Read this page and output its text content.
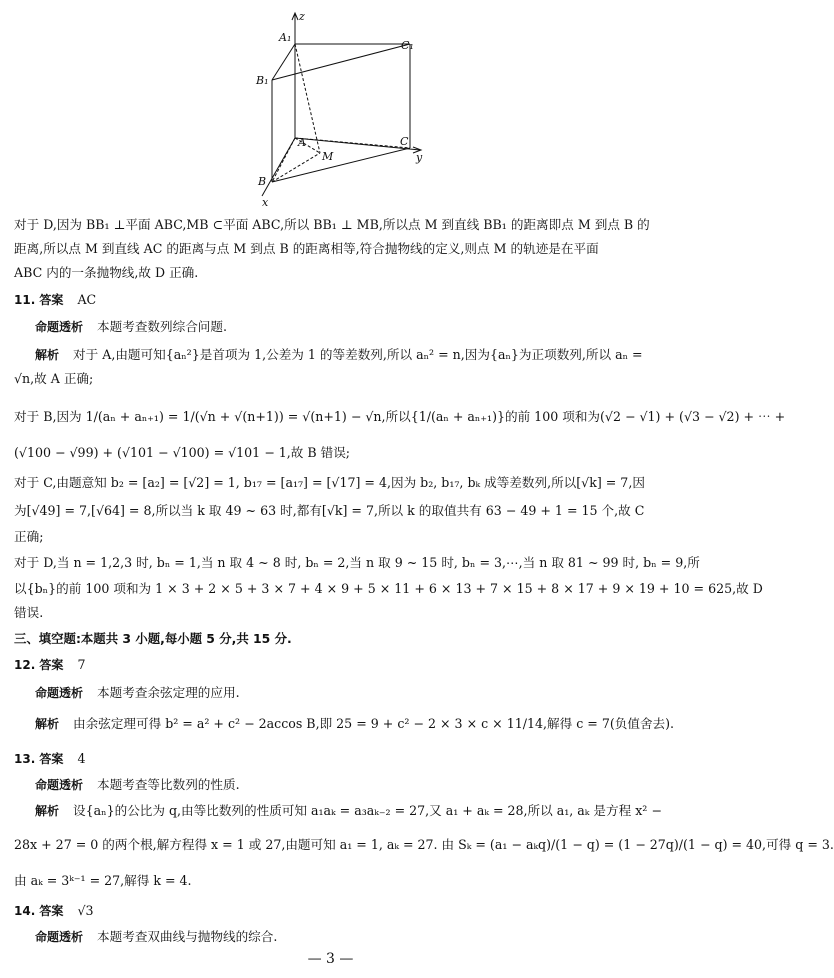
z
A₁
C₁
B₁
A
M
C
y
B
x
对于 D,因为 BB₁ ⊥平面 ABC,MB ⊂平面 ABC,所以 BB₁ ⊥ MB,所以点 M 到直线 BB₁ 的距离即点 M 到点 B 的
距离,所以点 M 到直线 AC 的距离与点 M 到点 B 的距离相等,符合抛物线的定义,则点 M 的轨迹是在平面
ABC 内的一条抛物线,故 D 正确.
11. 答案 AC
命题透析 本题考查数列综合问题.
解析 对于 A,由题可知{aₙ²}是首项为 1,公差为 1 的等差数列,所以 aₙ² = n,因为{aₙ}为正项数列,所以 aₙ =
√n,故 A 正确;
对于 B,因为 1/(aₙ + aₙ₊₁) = 1/(√n + √(n+1)) = √(n+1) − √n,所以{1/(aₙ + aₙ₊₁)}的前 100 项和为(√2 − √1) + (√3 − √2) + ⋯ +
(√100 − √99) + (√101 − √100) = √101 − 1,故 B 错误;
对于 C,由题意知 b₂ = [a₂] = [√2] = 1, b₁₇ = [a₁₇] = [√17] = 4,因为 b₂, b₁₇, bₖ 成等差数列,所以[√k] = 7,因
为[√49] = 7,[√64] = 8,所以当 k 取 49 ~ 63 时,都有[√k] = 7,所以 k 的取值共有 63 − 49 + 1 = 15 个,故 C
正确;
对于 D,当 n = 1,2,3 时, bₙ = 1,当 n 取 4 ~ 8 时, bₙ = 2,当 n 取 9 ~ 15 时, bₙ = 3,⋯,当 n 取 81 ~ 99 时, bₙ = 9,所
以{bₙ}的前 100 项和为 1 × 3 + 2 × 5 + 3 × 7 + 4 × 9 + 5 × 11 + 6 × 13 + 7 × 15 + 8 × 17 + 9 × 19 + 10 = 625,故 D
错误.
三、填空题:本题共 3 小题,每小题 5 分,共 15 分.
12. 答案 7
命题透析 本题考查余弦定理的应用.
解析 由余弦定理可得 b² = a² + c² − 2accos B,即 25 = 9 + c² − 2 × 3 × c × 11/14,解得 c = 7(负值舍去).
13. 答案 4
命题透析 本题考查等比数列的性质.
解析 设{aₙ}的公比为 q,由等比数列的性质可知 a₁aₖ = a₃aₖ₋₂ = 27,又 a₁ + aₖ = 28,所以 a₁, aₖ 是方程 x² −
28x + 27 = 0 的两个根,解方程得 x = 1 或 27,由题可知 a₁ = 1, aₖ = 27. 由 Sₖ = (a₁ − aₖq)/(1 − q) = (1 − 27q)/(1 − q) = 40,可得 q = 3.
由 aₖ = 3ᵏ⁻¹ = 27,解得 k = 4.
14. 答案 √3
命题透析 本题考查双曲线与抛物线的综合.
— 3 —
